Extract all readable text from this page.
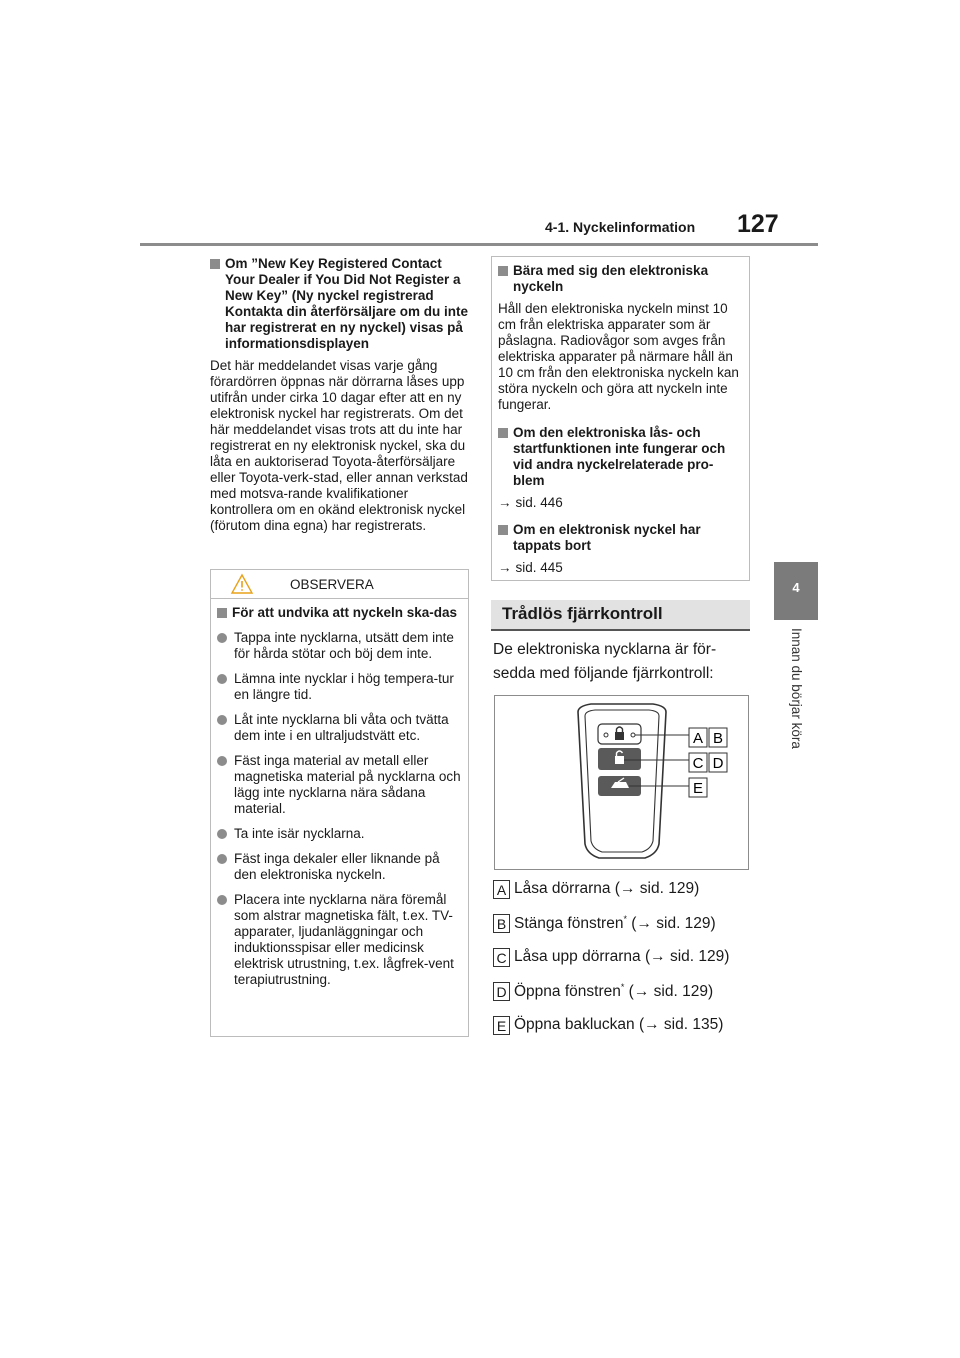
4-1. Nyckelinformation 127
4
Innan du börjar köra
Om ”New Key Registered Contact Your Dealer if You Did Not Register a New Key” (Ny nyckel registrerad Kontakta din återförsäljare om du inte har registrerat en ny nyckel) visas på informationsdisplayen
Det här meddelandet visas varje gång förardörren öppnas när dörrarna låses upp utifrån under cirka 10 dagar efter att en ny elektronisk nyckel har registrerats. Om det här meddelandet visas trots att du inte har registrerat en ny elektronisk nyckel, ska du låta en auktoriserad Toyota-återförsäljare eller Toyota-verk-stad, eller annan verkstad med motsva-rande kvalifikationer kontrollera om en okänd elektronisk nyckel (förutom dina egna) har registrerats.
OBSERVERA
För att undvika att nyckeln ska-das
Tappa inte nycklarna, utsätt dem inte för hårda stötar och böj dem inte.
Lämna inte nycklar i hög tempera-tur en längre tid.
Låt inte nycklarna bli våta och tvätta dem inte i en ultraljudstvätt etc.
Fäst inga material av metall eller magnetiska material på nycklarna och lägg inte nycklarna nära sådana material.
Ta inte isär nycklarna.
Fäst inga dekaler eller liknande på den elektroniska nyckeln.
Placera inte nycklarna nära föremål som alstrar magnetiska fält, t.ex. TV-apparater, ljudanläggningar och induktionsspisar eller medicinsk elektrisk utrustning, t.ex. lågfrek-vent terapiutrustning.
Bära med sig den elektroniska nyckeln
Håll den elektroniska nyckeln minst 10 cm från elektriska apparater som är påslagna. Radiovågor som avges från elektriska apparater på närmare håll än 10 cm från den elektroniska nyckeln kan störa nyckeln och göra att nyckeln inte fungerar.
Om den elektroniska lås- och startfunktionen inte fungerar och vid andra nyckelrelaterade pro-blem
→ sid. 446
Om en elektronisk nyckel har tappats bort
→ sid. 445
Trådlös fjärrkontroll
De elektroniska nycklarna är för-sedda med följande fjärrkontroll:
A B
C D
E
A Låsa dörrarna (→ sid. 129)
B Stänga fönstren* (→ sid. 129)
C Låsa upp dörrarna (→ sid. 129)
D Öppna fönstren* (→ sid. 129)
E Öppna bakluckan (→ sid. 135)
